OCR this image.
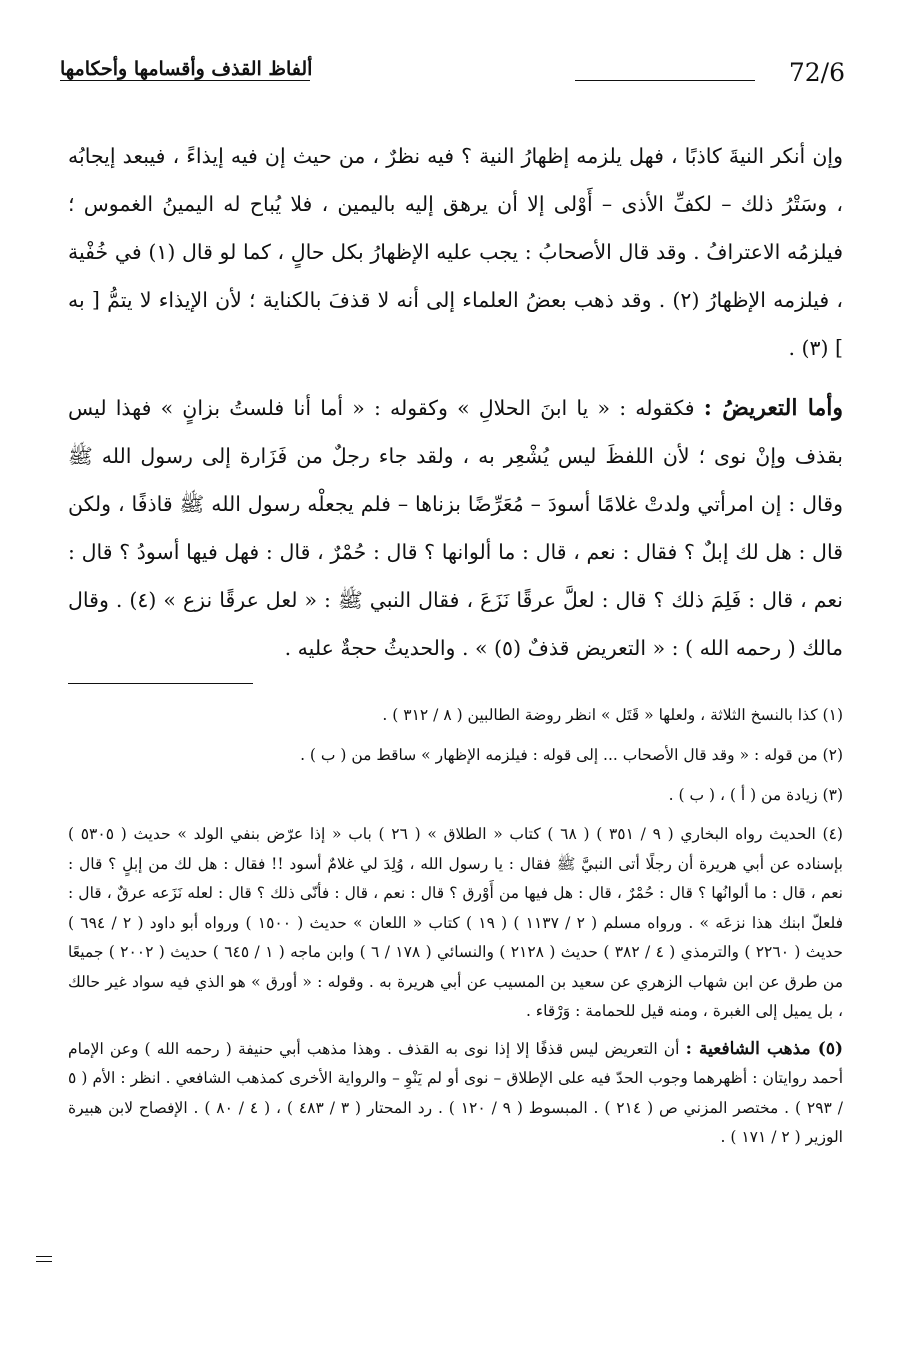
72/6
ألفاظ القذف وأقسامها وأحكامها

وإن أنكر النيةَ كاذبًا ، فهل يلزمه إظهارُ النية ؟ فيه نظرٌ ، من حيث إن فيه إيذاءً ، فيبعد إيجابُه ، وسَتْرُ ذلك – لكفِّ الأذى – أَوْلى إلا أن يرهق إليه باليمين ، فلا يُباح له اليمينُ الغموس ؛ فيلزمُه الاعترافُ . وقد قال الأصحابُ : يجب عليه الإظهارُ بكل حالٍ ، كما لو قال (١) في خُفْية ، فيلزمه الإظهارُ (٢) . وقد ذهب بعضُ العلماء إلى أنه لا قذفَ بالكناية ؛ لأن الإيذاء لا يتمُّ [ به ] (٣) .

وأما التعريضُ : فكقوله : « يا ابنَ الحلالِ » وكقوله : « أما أنا فلستُ بزانٍ » فهذا ليس بقذف وإنْ نوى ؛ لأن اللفظَ ليس يُشْعِر به ، ولقد جاء رجلٌ من فَزَارة إلى رسول الله ﷺ وقال : إن امرأتي ولدتْ غلامًا أسودَ – مُعَرِّضًا بزناها – فلم يجعلْه رسول الله ﷺ قاذفًا ، ولكن قال : هل لك إبلٌ ؟ فقال : نعم ، قال : ما ألوانها ؟ قال : حُمْرٌ ، قال : فهل فيها أسودُ ؟ قال : نعم ، قال : فَلِمَ ذلك ؟ قال : لعلَّ عرقًا نَزَعَ ، فقال النبي ﷺ : « لعل عرقًا نزع » (٤) . وقال مالك ( رحمه الله ) : « التعريض قذفٌ (٥) » . والحديثُ حجةٌ عليه .

(١) كذا بالنسخ الثلاثة ، ولعلها « قَتَل » انظر روضة الطالبين ( ٨ / ٣١٢ ) .

(٢) من قوله : « وقد قال الأصحاب ... إلى قوله : فيلزمه الإظهار » ساقط من ( ب ) .

(٣) زيادة من ( أ ) ، ( ب ) .

(٤) الحديث رواه البخاري ( ٩ / ٣٥١ ) ( ٦٨ ) كتاب « الطلاق » ( ٢٦ ) باب « إذا عرّض بنفي الولد » حديث ( ٥٣٠٥ ) بإسناده عن أبي هريرة أن رجلًا أتى النبيَّ ﷺ فقال : يا رسول الله ، وُلِدَ لي غلامٌ أسود !! فقال : هل لك من إبلٍ ؟ قال : نعم ، قال : ما ألوانُها ؟ قال : حُمْرٌ ، قال : هل فيها من أَوْرق ؟ قال : نعم ، قال : فأنّى ذلك ؟ قال : لعله نَزَعه عرقٌ ، قال : فلعلّ ابنك هذا نزعَه » . ورواه مسلم ( ٢ / ١١٣٧ ) ( ١٩ ) كتاب « اللعان » حديث ( ١٥٠٠ ) ورواه أبو داود ( ٢ / ٦٩٤ ) حديث ( ٢٢٦٠ ) والترمذي ( ٤ / ٣٨٢ ) حديث ( ٢١٢٨ ) والنسائي ( ١٧٨ / ٦ ) وابن ماجه ( ١ / ٦٤٥ ) حديث ( ٢٠٠٢ ) جميعًا من طرق عن ابن شهاب الزهري عن سعيد بن المسيب عن أبي هريرة به . وقوله : « أورق » هو الذي فيه سواد غير حالك ، بل يميل إلى الغبرة ، ومنه قيل للحمامة : وَرْقاء .

(٥) مذهب الشافعية : أن التعريض ليس قذفًا إلا إذا نوى به القذف . وهذا مذهب أبي حنيفة ( رحمه الله ) وعن الإمام أحمد روايتان : أظهرهما وجوب الحدّ فيه على الإطلاق – نوى أو لم يَنْوِ – والرواية الأخرى كمذهب الشافعي . انظر : الأم ( ٥ / ٢٩٣ ) . مختصر المزني ص ( ٢١٤ ) . المبسوط ( ٩ / ١٢٠ ) . رد المحتار ( ٣ / ٤٨٣ ) ، ( ٤ / ٨٠ ) . الإفصاح لابن هبيرة الوزير ( ٢ / ١٧١ ) .
